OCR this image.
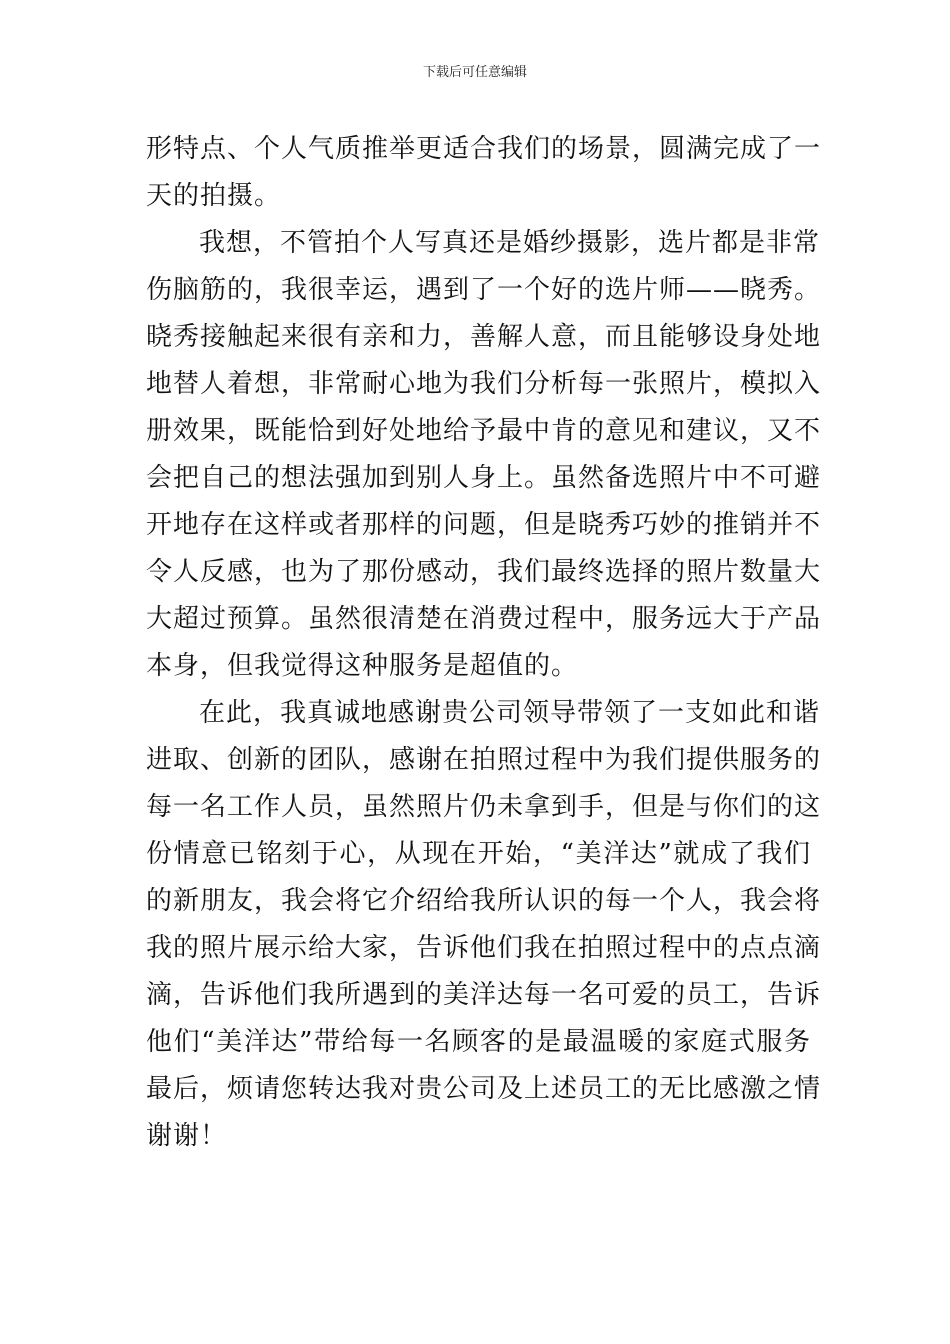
下载后可任意编辑
形特点、个人气质推举更适合我们的场景，圆满完成了一
天的拍摄。
我想，不管拍个人写真还是婚纱摄影，选片都是非常
伤脑筋的，我很幸运，遇到了一个好的选片师——晓秀。
晓秀接触起来很有亲和力，善解人意，而且能够设身处地
地替人着想，非常耐心地为我们分析每一张照片，模拟入
册效果，既能恰到好处地给予最中肯的意见和建议，又不
会把自己的想法强加到别人身上。虽然备选照片中不可避
开地存在这样或者那样的问题，但是晓秀巧妙的推销并不
令人反感，也为了那份感动，我们最终选择的照片数量大
大超过预算。虽然很清楚在消费过程中，服务远大于产品
本身，但我觉得这种服务是超值的。
在此，我真诚地感谢贵公司领导带领了一支如此和谐
进取、创新的团队，感谢在拍照过程中为我们提供服务的
每一名工作人员，虽然照片仍未拿到手，但是与你们的这
份情意已铭刻于心，从现在开始，“美洋达”就成了我们
的新朋友，我会将它介绍给我所认识的每一个人，我会将
我的照片展示给大家，告诉他们我在拍照过程中的点点滴
滴，告诉他们我所遇到的美洋达每一名可爱的员工，告诉
他们“美洋达”带给每一名顾客的是最温暖的家庭式服务
最后，烦请您转达我对贵公司及上述员工的无比感激之情
谢谢！
